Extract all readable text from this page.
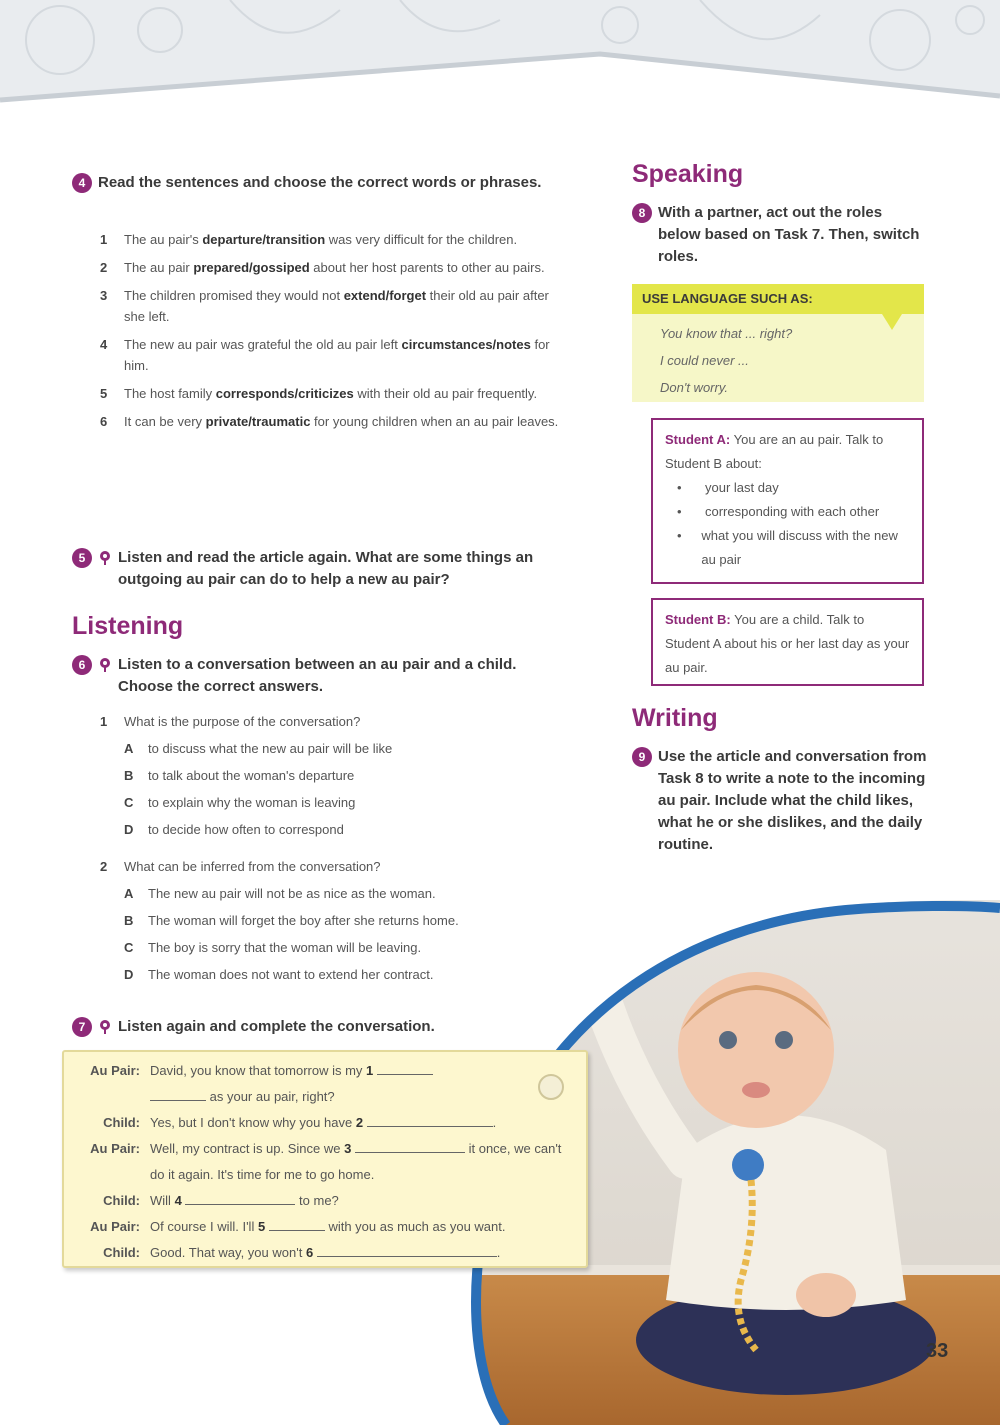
4 Read the sentences and choose the correct words or phrases.
1	The au pair's departure/transition was very difficult for the children.
2	The au pair prepared/gossiped about her host parents to other au pairs.
3	The children promised they would not extend/forget their old au pair after she left.
4	The new au pair was grateful the old au pair left circumstances/notes for him.
5	The host family corresponds/criticizes with their old au pair frequently.
6	It can be very private/traumatic for young children when an au pair leaves.
5	Listen and read the article again. What are some things an outgoing au pair can do to help a new au pair?
Listening
6	Listen to a conversation between an au pair and a child. Choose the correct answers.
1	What is the purpose of the conversation?
A	to discuss what the new au pair will be like
B	to talk about the woman's departure
C	to explain why the woman is leaving
D	to decide how often to correspond
2	What can be inferred from the conversation?
A	The new au pair will not be as nice as the woman.
B	The woman will forget the boy after she returns home.
C	The boy is sorry that the woman will be leaving.
D	The woman does not want to extend her contract.
7	Listen again and complete the conversation.
Au Pair: David, you know that tomorrow is my 1
as your au pair, right?
Child: Yes, but I don't know why you have 2	.
Au Pair: Well, my contract is up. Since we 3	it once, we can't do it again. It's time for me to go home.
Child: Will 4	to me?
Au Pair: Of course I will. I'll 5	with you as much as you want.
Child: Good. That way, you won't 6	.
Speaking
8 With a partner, act out the roles below based on Task 7. Then, switch roles.
USE LANGUAGE SUCH AS:
You know that ... right?
I could never ...
Don't worry.
Student A: You are an au pair. Talk to Student B about:
•	your last day
•	corresponding with each other
•	what you will discuss with the new au pair
Student B: You are a child. Talk to Student A about his or her last day as your au pair.
Writing
9 Use the article and conversation from Task 8 to write a note to the incoming au pair. Include what the child likes, what he or she dislikes, and the daily routine.
33
